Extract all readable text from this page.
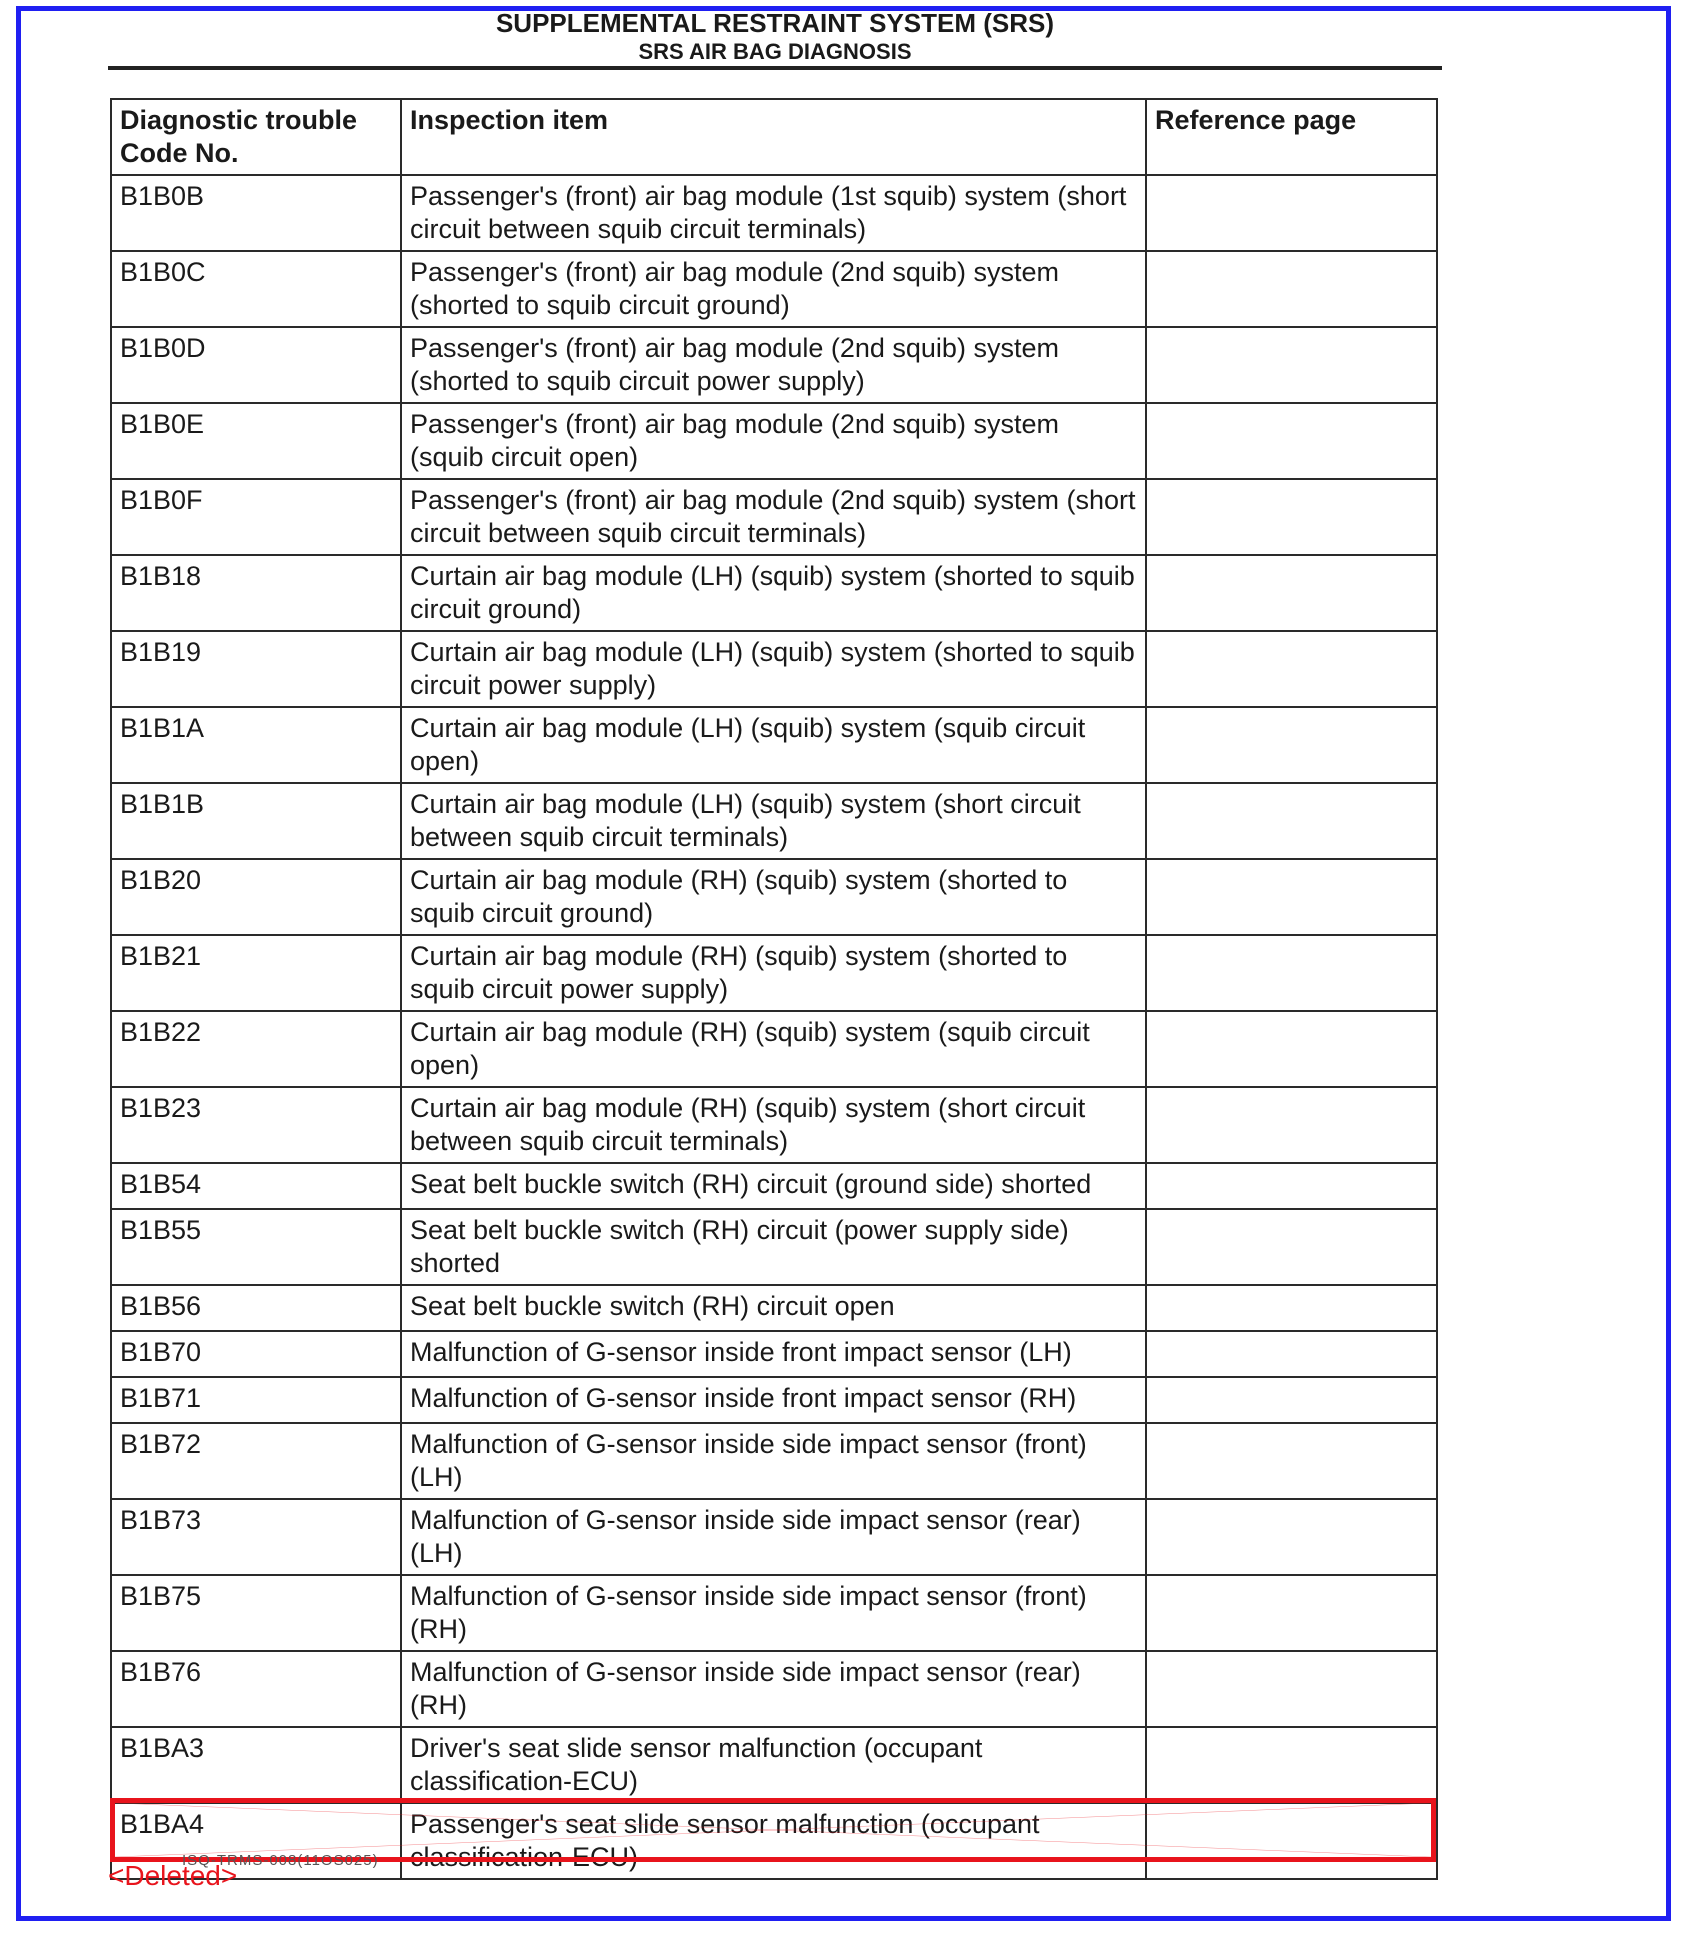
SUPPLEMENTAL RESTRAINT SYSTEM (SRS)
SRS AIR BAG DIAGNOSIS
Diagnostic trouble Code No.	Inspection item	Reference page
B1B0B	Passenger's (front) air bag module (1st squib) system (short circuit between squib circuit terminals)	
B1B0C	Passenger's (front) air bag module (2nd squib) system (shorted to squib circuit ground)	
B1B0D	Passenger's (front) air bag module (2nd squib) system (shorted to squib circuit power supply)	
B1B0E	Passenger's (front) air bag module (2nd squib) system (squib circuit open)	
B1B0F	Passenger's (front) air bag module (2nd squib) system (short circuit between squib circuit terminals)	
B1B18	Curtain air bag module (LH) (squib) system (shorted to squib circuit ground)	
B1B19	Curtain air bag module (LH) (squib) system (shorted to squib circuit power supply)	
B1B1A	Curtain air bag module (LH) (squib) system (squib circuit open)	
B1B1B	Curtain air bag module (LH) (squib) system (short circuit between squib circuit terminals)	
B1B20	Curtain air bag module (RH) (squib) system (shorted to squib circuit ground)	
B1B21	Curtain air bag module (RH) (squib) system (shorted to squib circuit power supply)	
B1B22	Curtain air bag module (RH) (squib) system (squib circuit open)	
B1B23	Curtain air bag module (RH) (squib) system (short circuit between squib circuit terminals)	
B1B54	Seat belt buckle switch (RH) circuit (ground side) shorted	
B1B55	Seat belt buckle switch (RH) circuit (power supply side) shorted	
B1B56	Seat belt buckle switch (RH) circuit open	
B1B70	Malfunction of G-sensor inside front impact sensor (LH)	
B1B71	Malfunction of G-sensor inside front impact sensor (RH)	
B1B72	Malfunction of G-sensor inside side impact sensor (front) (LH)	
B1B73	Malfunction of G-sensor inside side impact sensor (rear) (LH)	
B1B75	Malfunction of G-sensor inside side impact sensor (front) (RH)	
B1B76	Malfunction of G-sensor inside side impact sensor (rear) (RH)	
B1BA3	Driver's seat slide sensor malfunction (occupant classification-ECU)	
B1BA4	Passenger's seat slide sensor malfunction (occupant classification-ECU)	
ISQ-TRMS-008(11OS025)
<Deleted>
